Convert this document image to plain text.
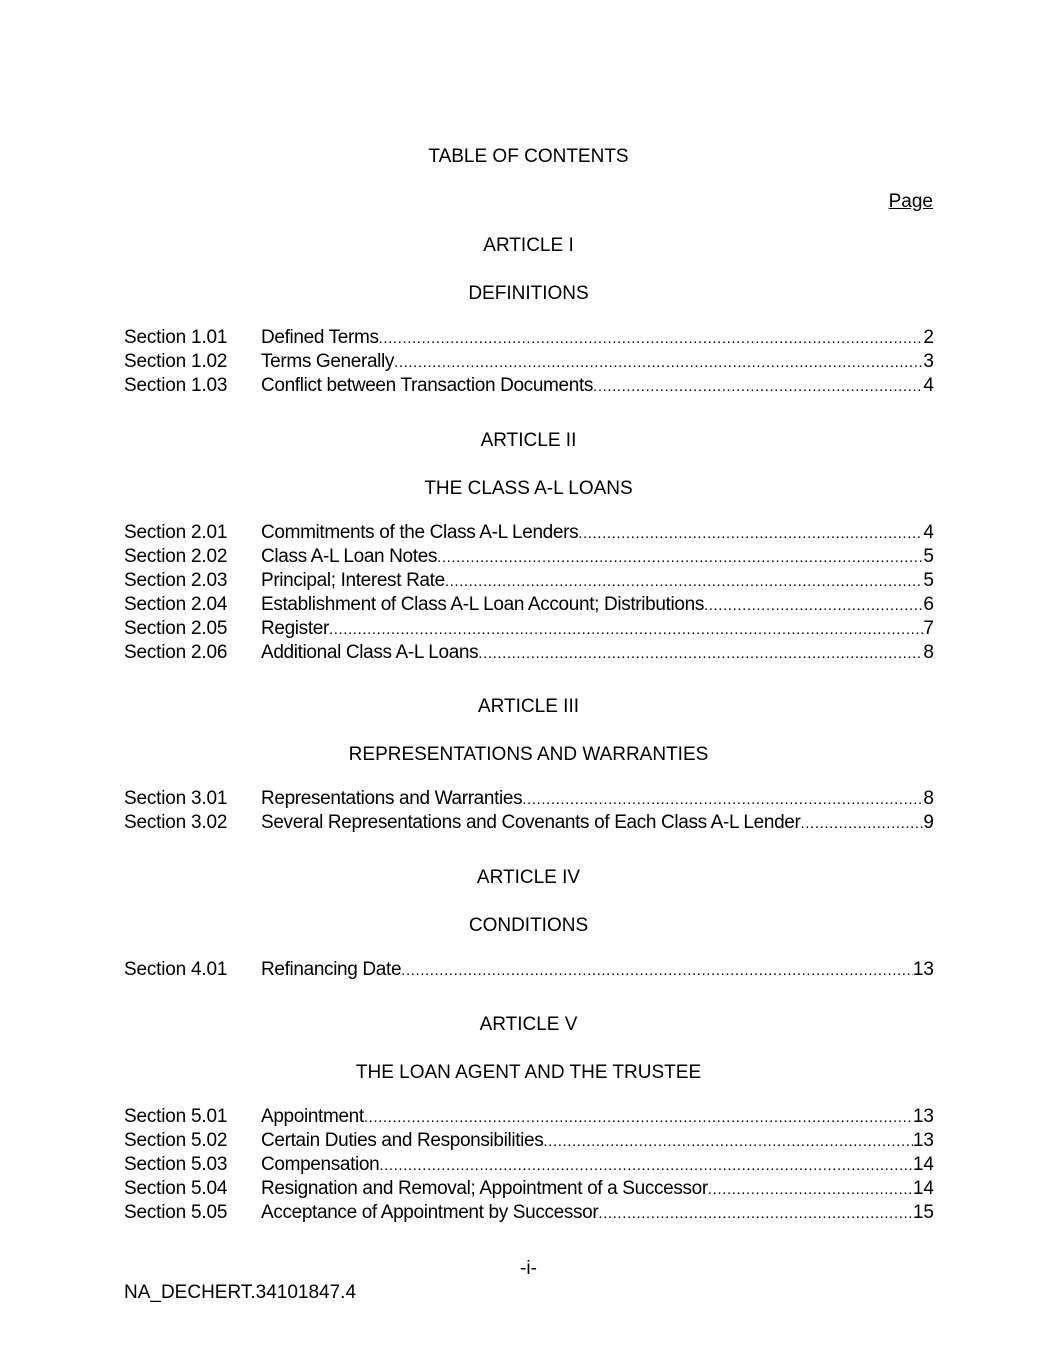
TABLE OF CONTENTS
Page
ARTICLE I
DEFINITIONS
Section 1.01	Defined Terms .....	2
Section 1.02	Terms Generally .....	3
Section 1.03	Conflict between Transaction Documents .....	4
ARTICLE II
THE CLASS A-L LOANS
Section 2.01	Commitments of the Class A-L Lenders .....	4
Section 2.02	Class A-L Loan Notes .....	5
Section 2.03	Principal; Interest Rate .....	5
Section 2.04	Establishment of Class A-L Loan Account; Distributions .....	6
Section 2.05	Register .....	7
Section 2.06	Additional Class A-L Loans .....	8
ARTICLE III
REPRESENTATIONS AND WARRANTIES
Section 3.01	Representations and Warranties .....	8
Section 3.02	Several Representations and Covenants of Each Class A-L Lender .....	9
ARTICLE IV
CONDITIONS
Section 4.01	Refinancing Date .....	13
ARTICLE V
THE LOAN AGENT AND THE TRUSTEE
Section 5.01	Appointment .....	13
Section 5.02	Certain Duties and Responsibilities .....	13
Section 5.03	Compensation .....	14
Section 5.04	Resignation and Removal; Appointment of a Successor .....	14
Section 5.05	Acceptance of Appointment by Successor .....	15
-i-
NA_DECHERT.34101847.4
